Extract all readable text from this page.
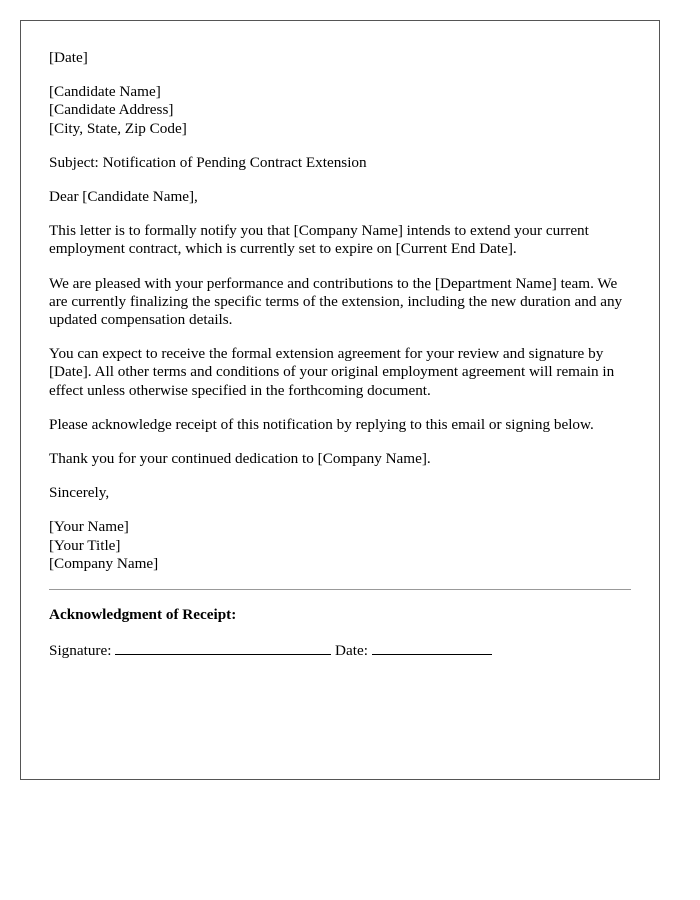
[Date]
[Candidate Name]
[Candidate Address]
[City, State, Zip Code]

Subject: Notification of Pending Contract Extension

Dear [Candidate Name],

This letter is to formally notify you that [Company Name] intends to extend your current employment contract, which is currently set to expire on [Current End Date].

We are pleased with your performance and contributions to the [Department Name] team. We are currently finalizing the specific terms of the extension, including the new duration and any updated compensation details.

You can expect to receive the formal extension agreement for your review and signature by [Date]. All other terms and conditions of your original employment agreement will remain in effect unless otherwise specified in the forthcoming document.

Please acknowledge receipt of this notification by replying to this email or signing below.

Thank you for your continued dedication to [Company Name].

Sincerely,

[Your Name]
[Your Title]
[Company Name]
Acknowledgment of Receipt:
Signature:	Date:
